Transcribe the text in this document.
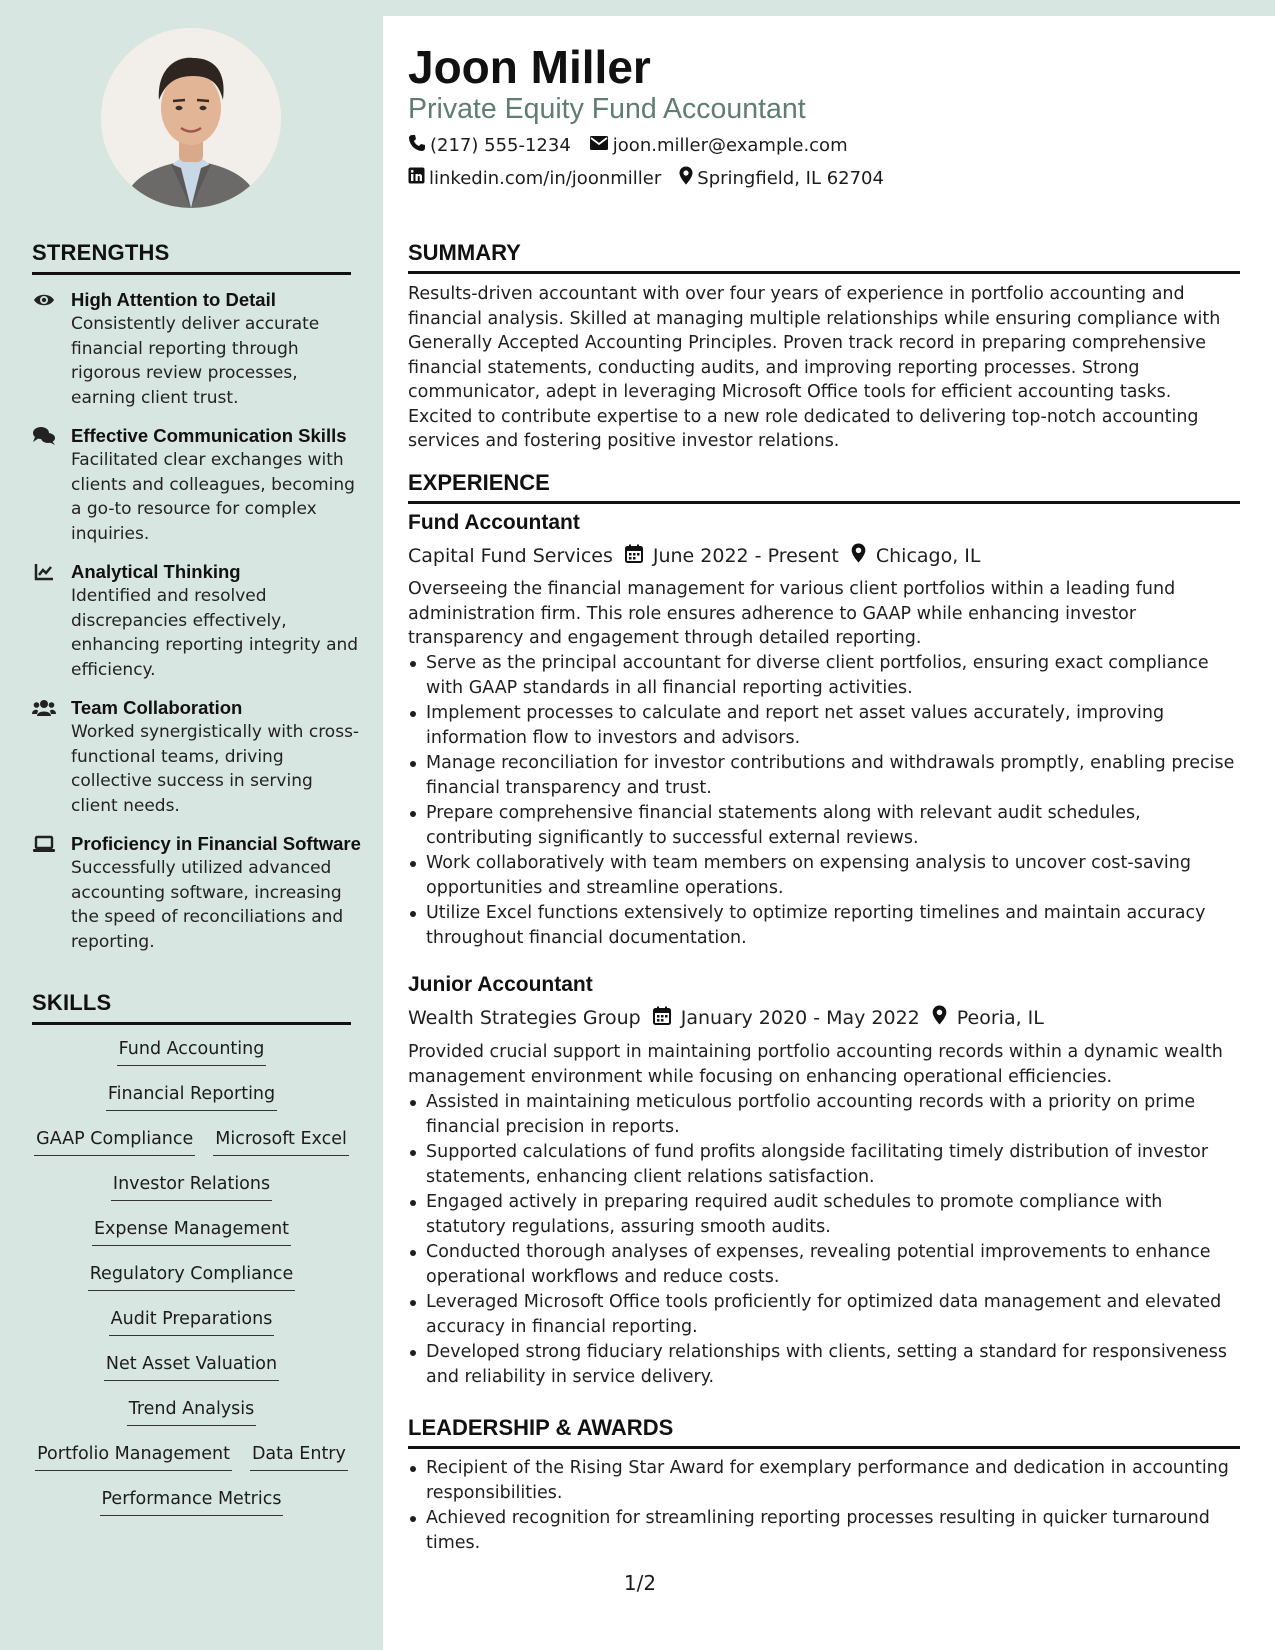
STRENGTHS
High Attention to Detail
Consistently deliver accurate financial reporting through rigorous review processes, earning client trust.
Effective Communication Skills
Facilitated clear exchanges with clients and colleagues, becoming a go-to resource for complex inquiries.
Analytical Thinking
Identified and resolved discrepancies effectively, enhancing reporting integrity and efficiency.
Team Collaboration
Worked synergistically with cross-functional teams, driving collective success in serving client needs.
Proficiency in Financial Software
Successfully utilized advanced accounting software, increasing the speed of reconciliations and reporting.
SKILLS
Fund Accounting
Financial Reporting
GAAP Compliance Microsoft Excel
Investor Relations
Expense Management
Regulatory Compliance
Audit Preparations
Net Asset Valuation
Trend Analysis
Portfolio Management Data Entry
Performance Metrics
Joon Miller
Private Equity Fund Accountant
(217) 555-1234 joon.miller@example.com
linkedin.com/in/joonmiller Springfield, IL 62704
SUMMARY
Results-driven accountant with over four years of experience in portfolio accounting and financial analysis. Skilled at managing multiple relationships while ensuring compliance with Generally Accepted Accounting Principles. Proven track record in preparing comprehensive financial statements, conducting audits, and improving reporting processes. Strong communicator, adept in leveraging Microsoft Office tools for efficient accounting tasks. Excited to contribute expertise to a new role dedicated to delivering top-notch accounting services and fostering positive investor relations.
EXPERIENCE
Fund Accountant
Capital Fund Services June 2022 - Present Chicago, IL
Overseeing the financial management for various client portfolios within a leading fund administration firm. This role ensures adherence to GAAP while enhancing investor transparency and engagement through detailed reporting.
Serve as the principal accountant for diverse client portfolios, ensuring exact compliance with GAAP standards in all financial reporting activities.
Implement processes to calculate and report net asset values accurately, improving information flow to investors and advisors.
Manage reconciliation for investor contributions and withdrawals promptly, enabling precise financial transparency and trust.
Prepare comprehensive financial statements along with relevant audit schedules, contributing significantly to successful external reviews.
Work collaboratively with team members on expensing analysis to uncover cost-saving opportunities and streamline operations.
Utilize Excel functions extensively to optimize reporting timelines and maintain accuracy throughout financial documentation.
Junior Accountant
Wealth Strategies Group January 2020 - May 2022 Peoria, IL
Provided crucial support in maintaining portfolio accounting records within a dynamic wealth management environment while focusing on enhancing operational efficiencies.
Assisted in maintaining meticulous portfolio accounting records with a priority on prime financial precision in reports.
Supported calculations of fund profits alongside facilitating timely distribution of investor statements, enhancing client relations satisfaction.
Engaged actively in preparing required audit schedules to promote compliance with statutory regulations, assuring smooth audits.
Conducted thorough analyses of expenses, revealing potential improvements to enhance operational workflows and reduce costs.
Leveraged Microsoft Office tools proficiently for optimized data management and elevated accuracy in financial reporting.
Developed strong fiduciary relationships with clients, setting a standard for responsiveness and reliability in service delivery.
LEADERSHIP & AWARDS
Recipient of the Rising Star Award for exemplary performance and dedication in accounting responsibilities.
Achieved recognition for streamlining reporting processes resulting in quicker turnaround times.
1/2
